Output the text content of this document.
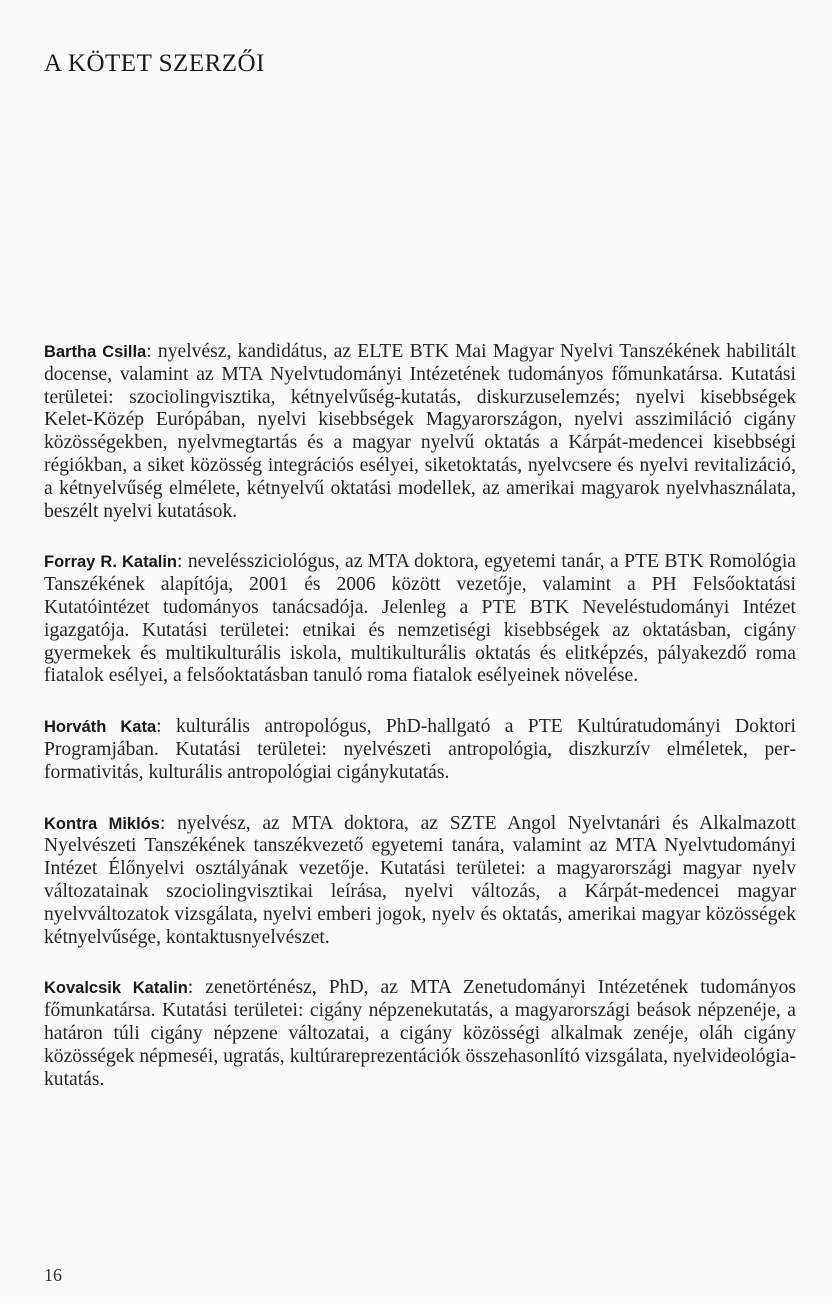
A KÖTET SZERZŐI

Bartha Csilla: nyelvész, kandidátus, az ELTE BTK Mai Magyar Nyelvi Tanszékének habilitált docense, valamint az MTA Nyelvtudományi Intézetének tudományos főmunkatársa. Kutatási területei: szociolingvisztika, kétnyelvűség-kutatás, diskurzuselemzés; nyelvi kisebbségek Kelet-Közép Európában, nyelvi kisebbségek Magyarországon, nyelvi asszimiláció cigány közösségekben, nyelvmegtartás és a magyar nyelvű oktatás a Kárpát-medencei kisebbségi régiókban, a siket közösség integrációs esélyei, siketoktatás, nyelvcsere és nyelvi revitalizáció, a kétnyelvűség elmélete, kétnyelvű oktatási modellek, az amerikai magyarok nyelvhasználata, beszélt nyelvi kutatások.

Forray R. Katalin: neveléssziciológus, az MTA doktora, egyetemi tanár, a PTE BTK Romológia Tanszékének alapítója, 2001 és 2006 között vezetője, valamint a PH Felsőoktatási Kutatóintézet tudományos tanácsadója. Jelenleg a PTE BTK Neveléstudományi Intézet igazgatója. Kutatási területei: etnikai és nemzetiségi kisebbségek az oktatásban, cigány gyermekek és multikulturális iskola, multikulturális oktatás és elitképzés, pályakezdő roma fiatalok esélyei, a felsőoktatásban tanuló roma fiatalok esélyeinek növelése.

Horváth Kata: kulturális antropológus, PhD-hallgató a PTE Kultúratudományi Doktori Programjában. Kutatási területei: nyelvészeti antropológia, diszkurzív elméletek, performativitás, kulturális antropológiai cigánykutatás.

Kontra Miklós: nyelvész, az MTA doktora, az SZTE Angol Nyelvtanári és Alkalmazott Nyelvészeti Tanszékének tanszékvezető egyetemi tanára, valamint az MTA Nyelvtudományi Intézet Élőnyelvi osztályának vezetője. Kutatási területei: a magyarországi magyar nyelv változatainak szociolingvisztikai leírása, nyelvi változás, a Kárpát-medencei magyar nyelvváltozatok vizsgálata, nyelvi emberi jogok, nyelv és oktatás, amerikai magyar közösségek kétnyelvűsége, kontaktusnyelvészet.

Kovalcsik Katalin: zenetörténész, PhD, az MTA Zenetudományi Intézetének tudományos főmunkatársa. Kutatási területei: cigány népzenekutatás, a magyarországi beások népzenéje, a határon túli cigány népzene változatai, a cigány közösségi alkalmak zenéje, oláh cigány közösségek népmeséi, ugratás, kultúrareprezentációk összehasonlító vizsgálata, nyelvideológia-kutatás.

16
